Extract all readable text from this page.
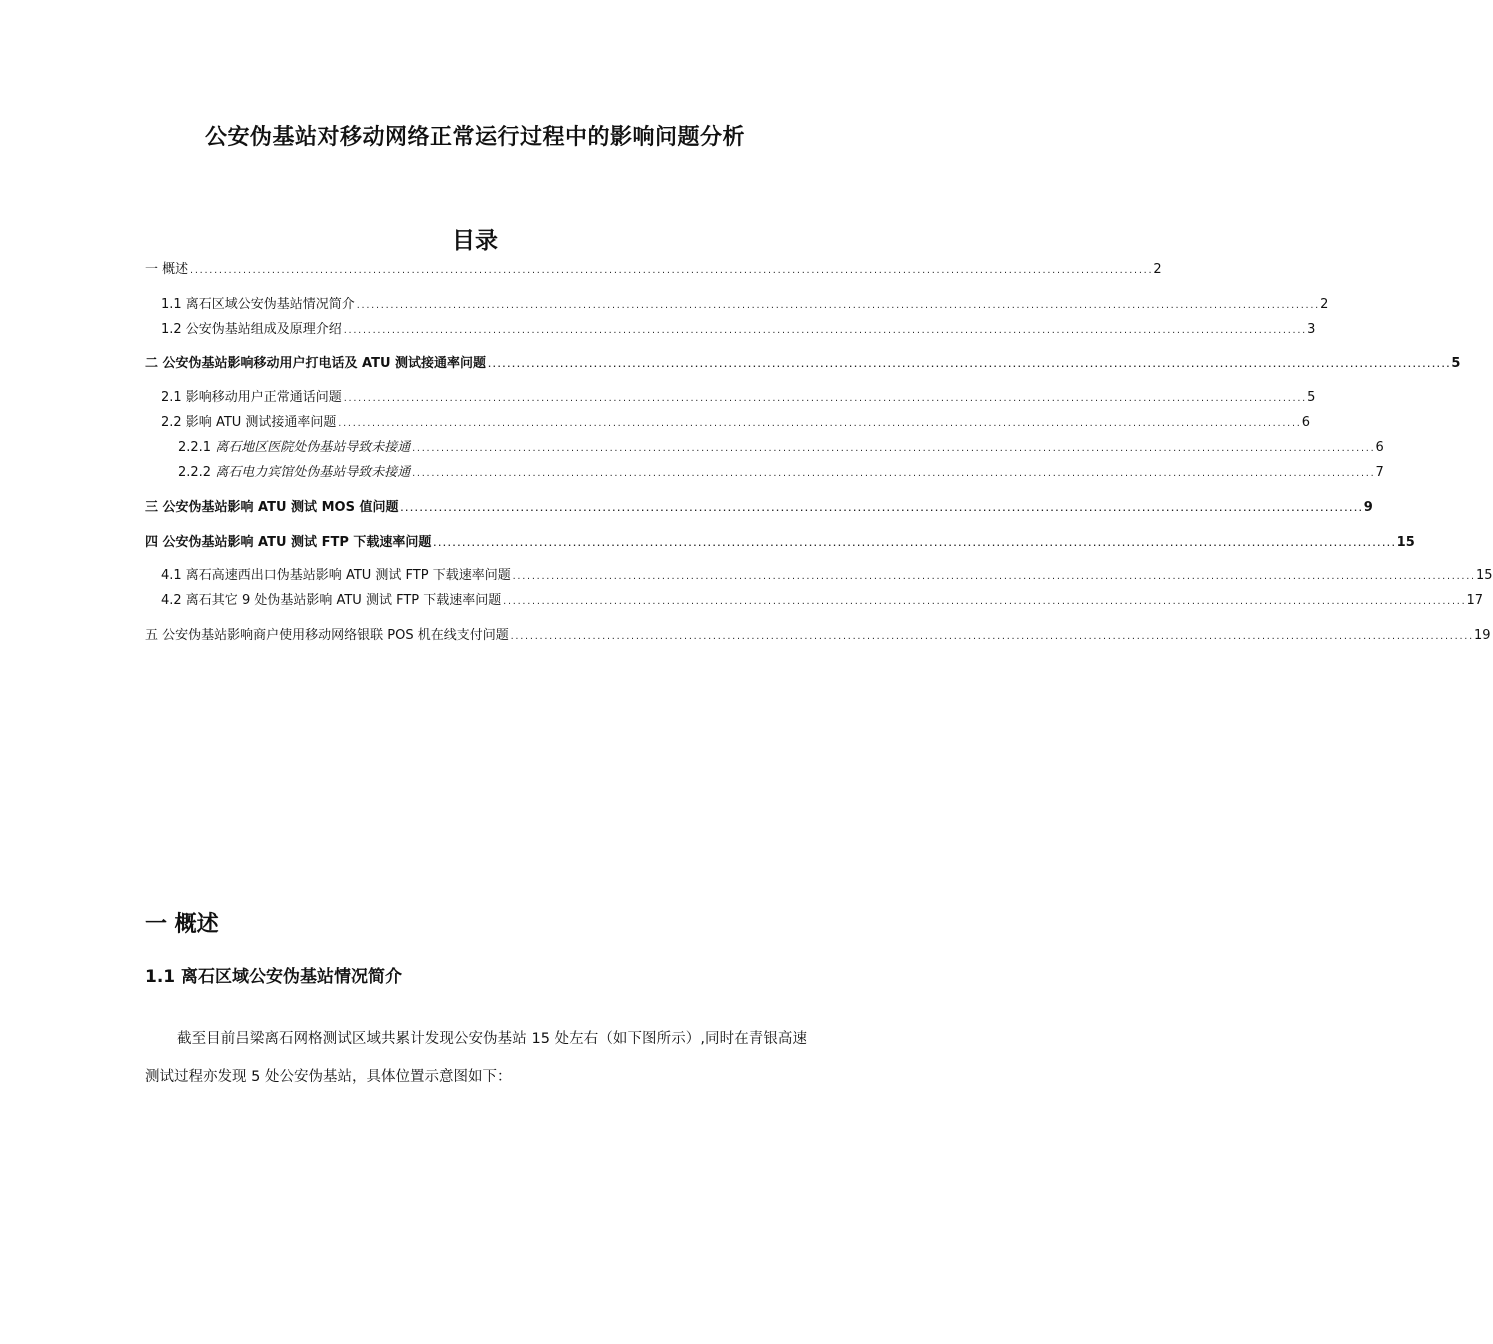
公安伪基站对移动网络正常运行过程中的影响问题分析
目录
一 概述 ........................................................................................................................................................................................................ 2
1.1 离石区域公安伪基站情况简介 ........................................................................................................................................................................................................ 2
1.2 公安伪基站组成及原理介绍 ........................................................................................................................................................................................................ 3
二 公安伪基站影响移动用户打电话及 ATU 测试接通率问题 ........................................................................................................................................................................................................ 5
2.1 影响移动用户正常通话问题 ........................................................................................................................................................................................................ 5
2.2 影响 ATU 测试接通率问题 ........................................................................................................................................................................................................ 6
2.2.1 离石地区医院处伪基站导致未接通 ........................................................................................................................................................................................................ 6
2.2.2 离石电力宾馆处伪基站导致未接通 ........................................................................................................................................................................................................ 7
三 公安伪基站影响 ATU 测试 MOS 值问题 ........................................................................................................................................................................................................ 9
四 公安伪基站影响 ATU 测试 FTP 下载速率问题 ........................................................................................................................................................................................................ 15
4.1 离石高速西出口伪基站影响 ATU 测试 FTP 下载速率问题 ........................................................................................................................................................................................................ 15
4.2 离石其它 9 处伪基站影响 ATU 测试 FTP 下载速率问题 ........................................................................................................................................................................................................ 17
五 公安伪基站影响商户使用移动网络银联 POS 机在线支付问题 ........................................................................................................................................................................................................ 19
一 概述
1.1 离石区域公安伪基站情况简介
截至目前吕梁离石网格测试区域共累计发现公安伪基站 15 处左右（如下图所示）,同时在青银高速测试过程亦发现 5 处公安伪基站，具体位置示意图如下：
